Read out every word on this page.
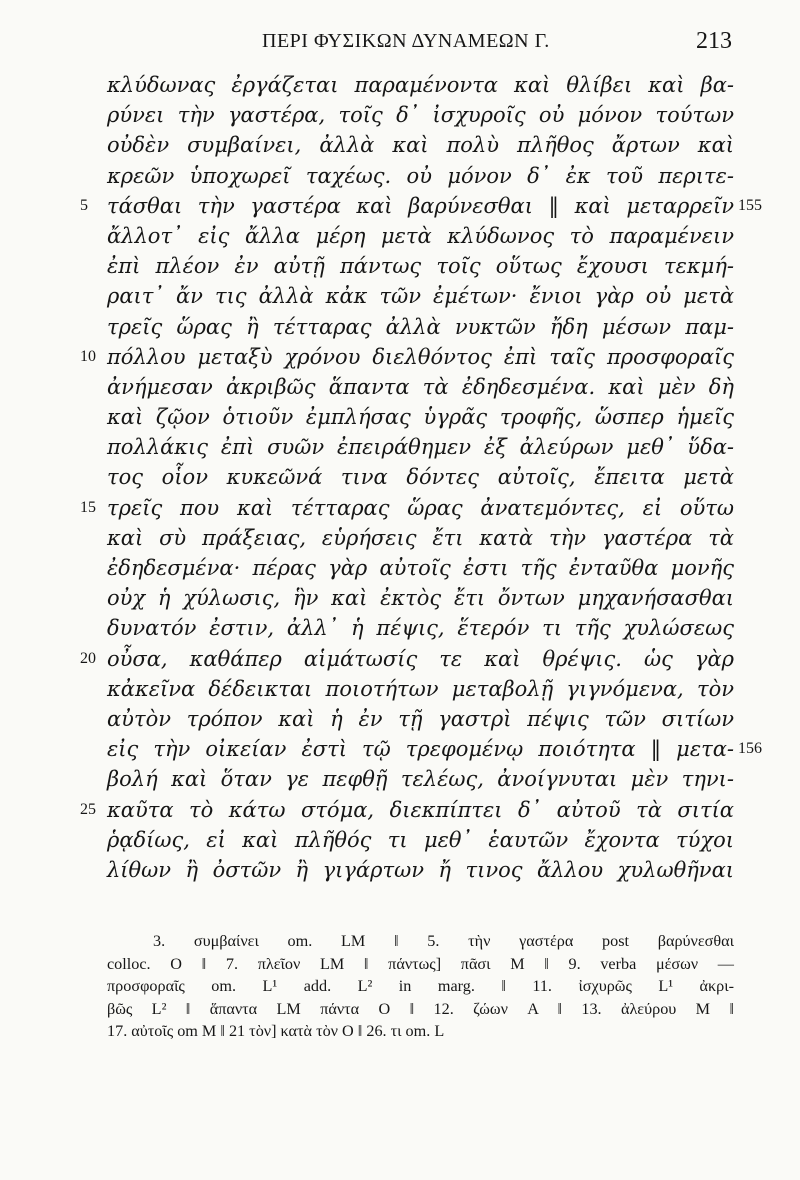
ΠΕΡΙ ΦΥΣΙΚΩΝ ΔΥΝΑΜΕΩΝ Γ.	213
κλύδωνας ἐργάζεται παραμένοντα καὶ θλίβει καὶ βα-
ρύνει τὴν γαστέρα, τοῖς δ᾽ ἰσχυροῖς οὐ μόνον τούτων
οὐδὲν συμβαίνει, ἀλλὰ καὶ πολὺ πλῆθος ἄρτων καὶ
κρεῶν ὑποχωρεῖ ταχέως. οὐ μόνον δ᾽ ἐκ τοῦ περιτε-
5 τάσθαι τὴν γαστέρα καὶ βαρύνεσθαι ‖ καὶ μεταρρεῖν 155
ἄλλοτ᾽ εἰς ἄλλα μέρη μετὰ κλύδωνος τὸ παραμένειν
ἐπὶ πλέον ἐν αὐτῇ πάντως τοῖς οὕτως ἔχουσι τεκμή-
ραιτ᾽ ἄν τις ἀλλὰ κἀκ τῶν ἐμέτων· ἔνιοι γὰρ οὐ μετὰ
τρεῖς ὥρας ἢ τέτταρας ἀλλὰ νυκτῶν ἤδη μέσων παμ-
10 πόλλου μεταξὺ χρόνου διελθόντος ἐπὶ ταῖς προσφοραῖς
ἀνήμεσαν ἀκριβῶς ἅπαντα τὰ ἐδηδεσμένα. καὶ μὲν δὴ
καὶ ζῷον ὁτιοῦν ἐμπλήσας ὑγρᾶς τροφῆς, ὥσπερ ἡμεῖς
πολλάκις ἐπὶ συῶν ἐπειράθημεν ἐξ ἀλεύρων μεθ᾽ ὕδα-
τος οἷον κυκεῶνά τινα δόντες αὐτοῖς, ἔπειτα μετὰ
15 τρεῖς που καὶ τέτταρας ὥρας ἀνατεμόντες, εἰ οὕτω
καὶ σὺ πράξειας, εὑρήσεις ἔτι κατὰ τὴν γαστέρα τὰ
ἐδηδεσμένα· πέρας γὰρ αὐτοῖς ἐστι τῆς ἐνταῦθα μονῆς
οὐχ ἡ χύλωσις, ἣν καὶ ἐκτὸς ἔτι ὄντων μηχανήσασθαι
δυνατόν ἐστιν, ἀλλ᾽ ἡ πέψις, ἕτερόν τι τῆς χυλώσεως
20 οὖσα, καθάπερ αἱμάτωσίς τε καὶ θρέψις. ὡς γὰρ
κἀκεῖνα δέδεικται ποιοτήτων μεταβολῇ γιγνόμενα, τὸν
αὐτὸν τρόπον καὶ ἡ ἐν τῇ γαστρὶ πέψις τῶν σιτίων
εἰς τὴν οἰκείαν ἐστὶ τῷ τρεφομένῳ ποιότητα ‖ μετα- 156
βολή καὶ ὅταν γε πεφθῇ τελέως, ἀνοίγνυται μὲν τηνι-
25 καῦτα τὸ κάτω στόμα, διεκπίπτει δ᾽ αὐτοῦ τὰ σιτία
ῥᾳδίως, εἰ καὶ πλῆθός τι μεθ᾽ ἑαυτῶν ἔχοντα τύχοι
λίθων ἢ ὀστῶν ἢ γιγάρτων ἤ τινος ἄλλου χυλωθῆναι
3. συμβαίνει om. LM ‖ 5. τὴν γαστέρα post βαρύνεσθαι
colloc. O ‖ 7. πλεῖον LM ‖ πάντως] πᾶσι M ‖ 9. verba μέσων —
προσφοραῖς om. L¹ add. L² in marg. ‖ 11. ἰσχυρῶς L¹ ἀκρι-
βῶς L² ‖ ἅπαντα LM πάντα O ‖ 12. ζώων A ‖ 13. ἀλεύρου M ‖
17. αὐτοῖς om M ‖ 21 τὸν] κατὰ τὸν O ‖ 26. τι om. L
